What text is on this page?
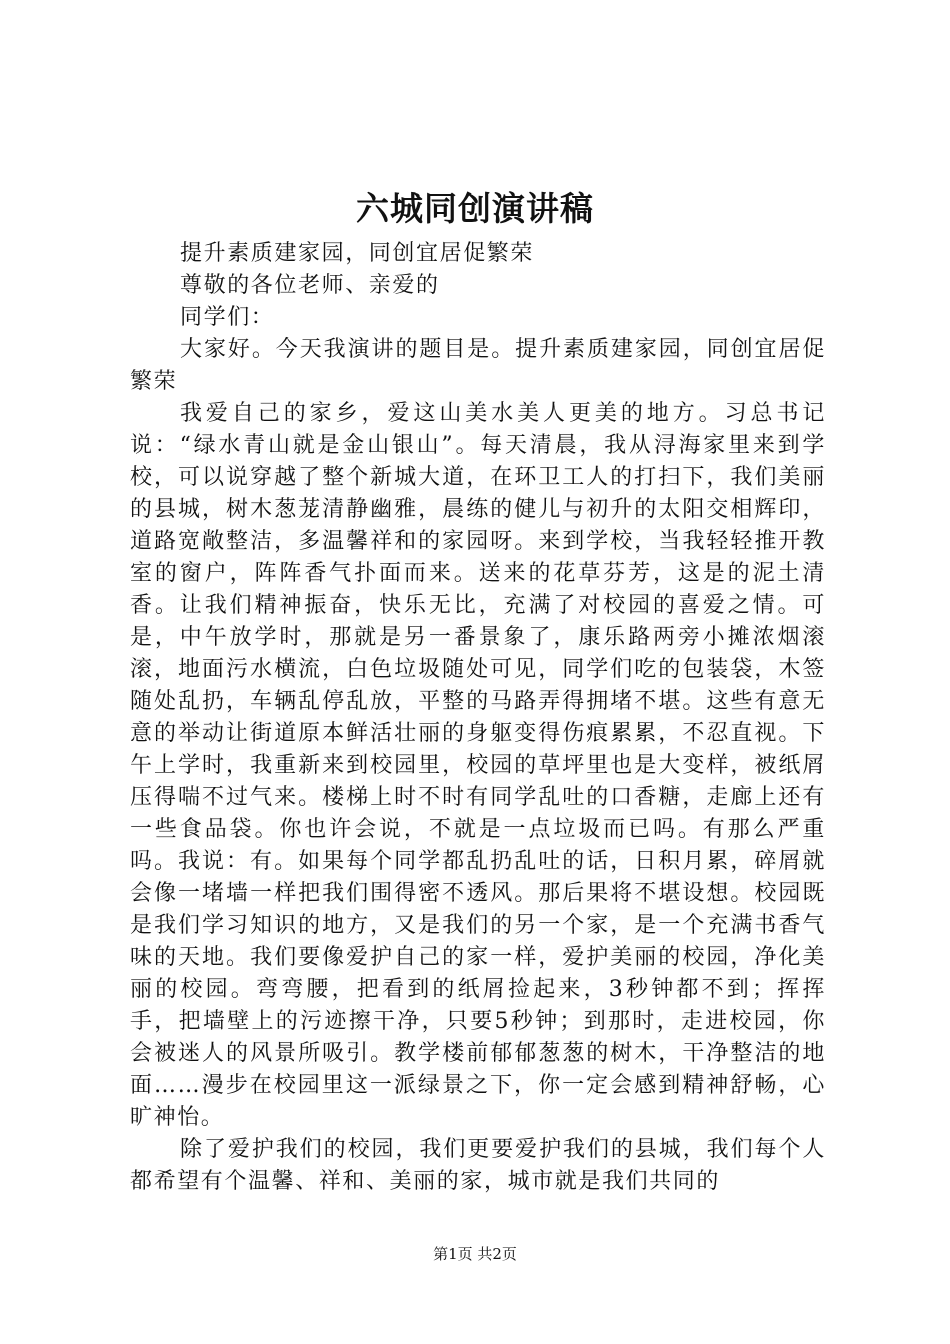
六城同创演讲稿

提升素质建家园，同创宜居促繁荣

尊敬的各位老师、亲爱的

同学们：

大家好。今天我演讲的题目是。提升素质建家园，同创宜居促繁荣

我爱自己的家乡，爱这山美水美人更美的地方。习总书记说：“绿水青山就是金山银山”。每天清晨，我从浔海家里来到学校，可以说穿越了整个新城大道，在环卫工人的打扫下，我们美丽的县城，树木葱茏清静幽雅，晨练的健儿与初升的太阳交相辉印，道路宽敞整洁，多温馨祥和的家园呀。来到学校，当我轻轻推开教室的窗户，阵阵香气扑面而来。送来的花草芬芳，这是的泥土清香。让我们精神振奋，快乐无比，充满了对校园的喜爱之情。可是，中午放学时，那就是另一番景象了，康乐路两旁小摊浓烟滚滚，地面污水横流，白色垃圾随处可见，同学们吃的包装袋，木签随处乱扔，车辆乱停乱放，平整的马路弄得拥堵不堪。这些有意无意的举动让街道原本鲜活壮丽的身躯变得伤痕累累，不忍直视。下午上学时，我重新来到校园里，校园的草坪里也是大变样，被纸屑压得喘不过气来。楼梯上时不时有同学乱吐的口香糖，走廊上还有一些食品袋。你也许会说，不就是一点垃圾而已吗。有那么严重吗。我说：有。如果每个同学都乱扔乱吐的话，日积月累，碎屑就会像一堵墙一样把我们围得密不透风。那后果将不堪设想。校园既是我们学习知识的地方，又是我们的另一个家，是一个充满书香气味的天地。我们要像爱护自己的家一样，爱护美丽的校园，净化美丽的校园。弯弯腰，把看到的纸屑捡起来，3秒钟都不到；挥挥手，把墙壁上的污迹擦干净，只要5秒钟；到那时，走进校园，你会被迷人的风景所吸引。教学楼前郁郁葱葱的树木，干净整洁的地面……漫步在校园里这一派绿景之下，你一定会感到精神舒畅，心旷神怡。

除了爱护我们的校园，我们更要爱护我们的县城，我们每个人都希望有个温馨、祥和、美丽的家，城市就是我们共同的

第1页 共2页
